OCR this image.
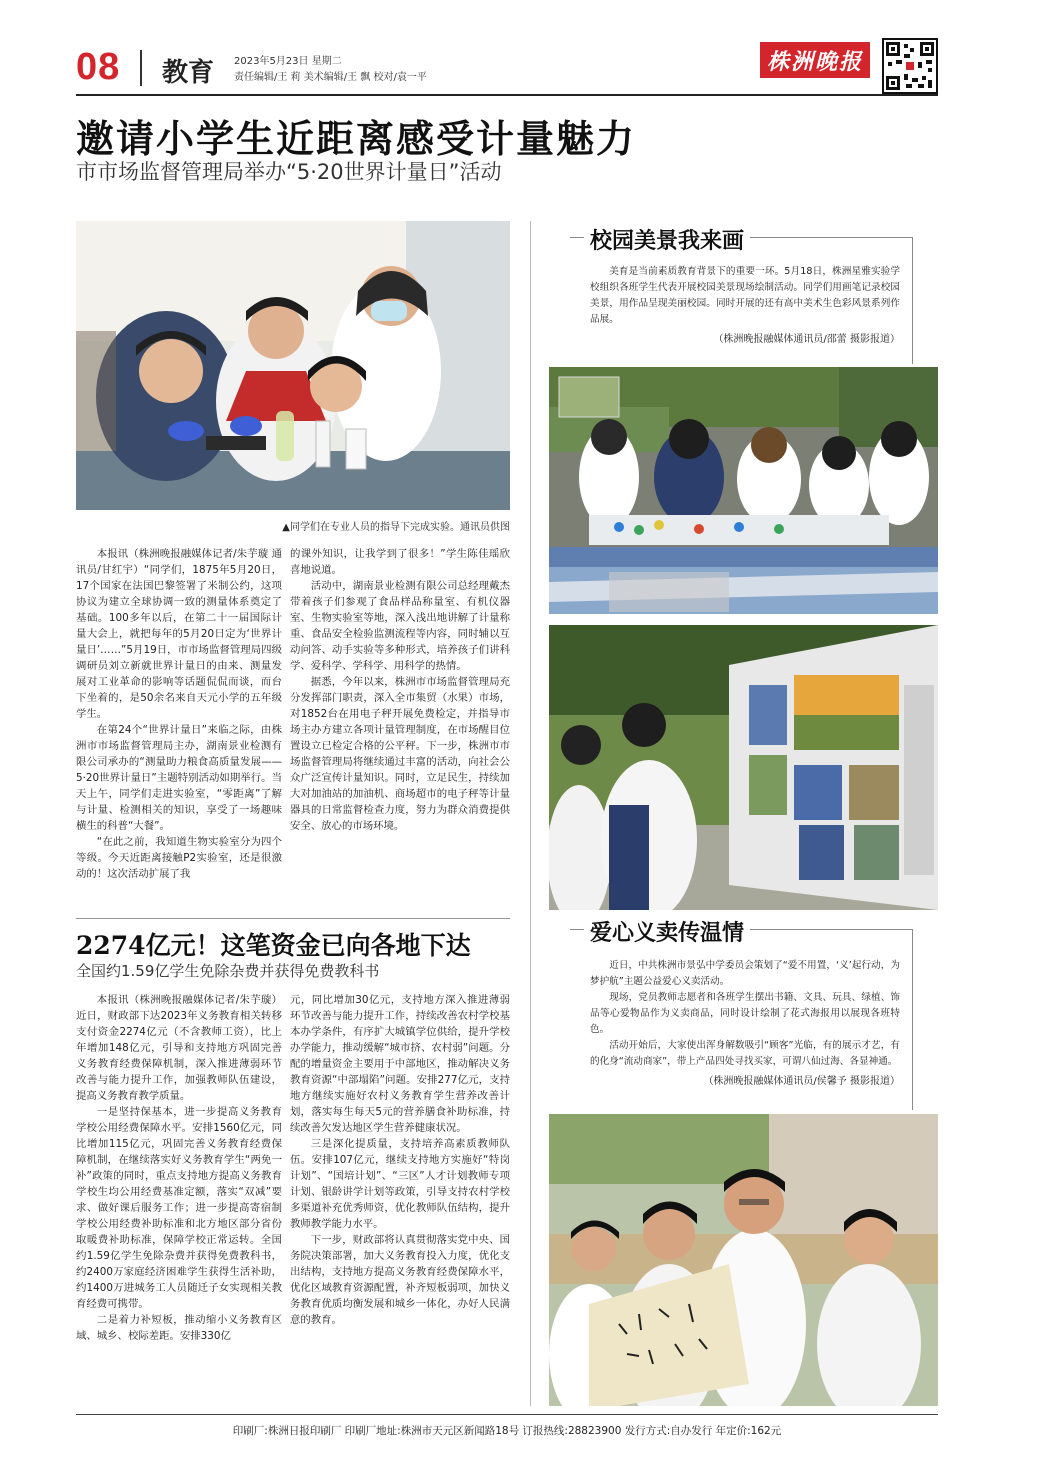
08 教育 2023年5月23日 星期二
责任编辑/王 莉 美术编辑/王 飘 校对/袁一平
株洲晚报
邀请小学生近距离感受计量魅力
市市场监督管理局举办“5·20世界计量日”活动
▲同学们在专业人员的指导下完成实验。通讯员供图

本报讯（株洲晚报融媒体记者/朱芋璇 通讯员/甘红宇）“同学们，1875年5月20日，17个国家在法国巴黎签署了米制公约，这项协议为建立全球协调一致的测量体系奠定了基础。100多年以后，在第二十一届国际计量大会上，就把每年的5月20日定为‘世界计量日’……”5月19日，市市场监督管理局四级调研员刘立新就世界计量日的由来、测量发展对工业革命的影响等话题侃侃而谈，而台下坐着的，是50余名来自天元小学的五年级学生。

在第24个“世界计量日”来临之际，由株洲市市场监督管理局主办，湖南景业检测有限公司承办的“测量助力粮食高质量发展——5·20世界计量日”主题特别活动如期举行。当天上午，同学们走进实验室，“零距离”了解与计量、检测相关的知识，享受了一场趣味横生的科普“大餐”。

“在此之前，我知道生物实验室分为四个等级。今天近距离接触P2实验室，还是很激动的！这次活动扩展了我

的课外知识，让我学到了很多！”学生陈佳瑶欣喜地说道。

活动中，湖南景业检测有限公司总经理戴杰带着孩子们参观了食品样品称量室、有机仪器室、生物实验室等地，深入浅出地讲解了计量称重、食品安全检验监测流程等内容，同时辅以互动问答、动手实验等多种形式，培养孩子们讲科学、爱科学、学科学、用科学的热情。

据悉，今年以来，株洲市市场监督管理局充分发挥部门职责，深入全市集贸（水果）市场，对1852台在用电子秤开展免费检定，并指导市场主办方建立各项计量管理制度，在市场醒目位置设立已检定合格的公平秤。下一步，株洲市市场监督管理局将继续通过丰富的活动，向社会公众广泛宣传计量知识。同时，立足民生，持续加大对加油站的加油机、商场超市的电子秤等计量器具的日常监督检查力度，努力为群众消费提供安全、放心的市场环境。

2274亿元！这笔资金已向各地下达
全国约1.59亿学生免除杂费并获得免费教科书

本报讯（株洲晚报融媒体记者/朱芋璇）近日，财政部下达2023年义务教育相关转移支付资金2274亿元（不含教师工资），比上年增加148亿元，引导和支持地方巩固完善义务教育经费保障机制，深入推进薄弱环节改善与能力提升工作，加强教师队伍建设，提高义务教育教学质量。

一是坚持保基本，进一步提高义务教育学校公用经费保障水平。安排1560亿元，同比增加115亿元，巩固完善义务教育经费保障机制，在继续落实好义务教育学生“两免一补”政策的同时，重点支持地方提高义务教育学校生均公用经费基准定额，落实“双减”要求、做好课后服务工作；进一步提高寄宿制学校公用经费补助标准和北方地区部分省份取暖费补助标准，保障学校正常运转。全国约1.59亿学生免除杂费并获得免费教科书，约2400万家庭经济困难学生获得生活补助，约1400万进城务工人员随迁子女实现相关教育经费可携带。

二是着力补短板，推动缩小义务教育区域、城乡、校际差距。安排330亿

元，同比增加30亿元，支持地方深入推进薄弱环节改善与能力提升工作，持续改善农村学校基本办学条件，有序扩大城镇学位供给，提升学校办学能力，推动缓解“城市挤、农村弱”问题。分配的增量资金主要用于中部地区，推动解决义务教育资源“中部塌陷”问题。安排277亿元，支持地方继续实施好农村义务教育学生营养改善计划，落实每生每天5元的营养膳食补助标准，持续改善欠发达地区学生营养健康状况。

三是深化提质量，支持培养高素质教师队伍。安排107亿元，继续支持地方实施好“特岗计划”、“国培计划”、“三区”人才计划教师专项计划、银龄讲学计划等政策，引导支持农村学校多渠道补充优秀师资，优化教师队伍结构，提升教师教学能力水平。

下一步，财政部将认真贯彻落实党中央、国务院决策部署，加大义务教育投入力度，优化支出结构，支持地方提高义务教育经费保障水平，优化区域教育资源配置，补齐短板弱项，加快义务教育优质均衡发展和城乡一体化，办好人民满意的教育。

校园美景我来画

美育是当前素质教育背景下的重要一环。5月18日，株洲星雅实验学校组织各班学生代表开展校园美景现场绘制活动。同学们用画笔记录校园美景，用作品呈现美丽校园。同时开展的还有高中美术生色彩风景系列作品展。

（株洲晚报融媒体通讯员/邵蕾 摄影报道）
爱心义卖传温情

近日，中共株洲市景弘中学委员会策划了“爱不用置，‘义’起行动，为梦护航”主题公益爱心义卖活动。

现场，党员教师志愿者和各班学生摆出书籍、文具、玩具、绿植、饰品等心爱物品作为义卖商品，同时设计绘制了花式海报用以展现各班特色。

活动开始后，大家使出浑身解数吸引“顾客”光临，有的展示才艺，有的化身“流动商家”，带上产品四处寻找买家，可谓八仙过海、各显神通。

（株洲晚报融媒体通讯员/侯馨予 摄影报道）
印刷厂:株洲日报印刷厂 印刷厂地址:株洲市天元区新闻路18号 订报热线:28823900 发行方式:自办发行 年定价:162元
